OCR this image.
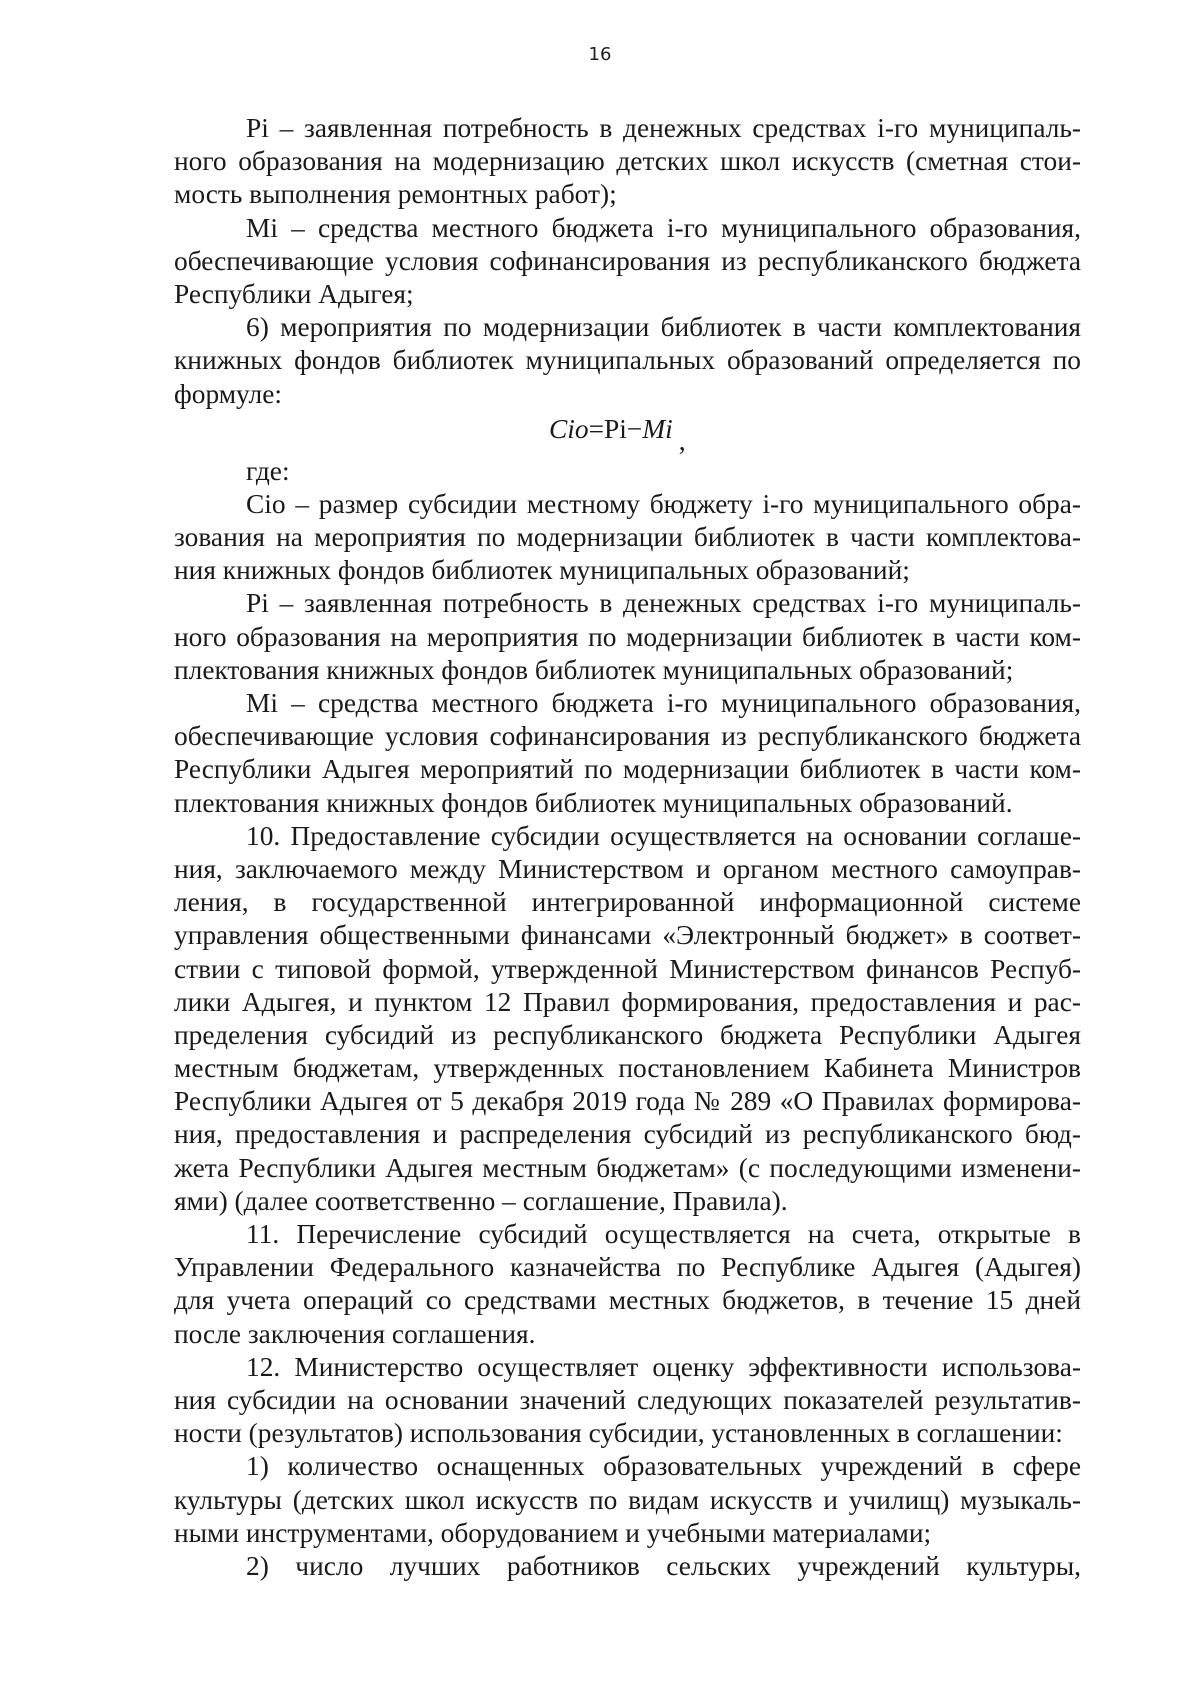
16
Pi – заявленная потребность в денежных средствах i-го муниципаль-
ного образования на модернизацию детских школ искусств (сметная стои-
мость выполнения ремонтных работ);
Mi – средства местного бюджета i-го муниципального образования,
обеспечивающие условия софинансирования из республиканского бюджета
Республики Адыгея;
6) мероприятия по модернизации библиотек в части комплектования
книжных фондов библиотек муниципальных образований определяется по
формуле:
Cio=Pi−Mi ,
где:
Cio – размер субсидии местному бюджету i-го муниципального обра-
зования на мероприятия по модернизации библиотек в части комплектова-
ния книжных фондов библиотек муниципальных образований;
Pi – заявленная потребность в денежных средствах i-го муниципаль-
ного образования на мероприятия по модернизации библиотек в части ком-
плектования книжных фондов библиотек муниципальных образований;
Mi – средства местного бюджета i-го муниципального образования,
обеспечивающие условия софинансирования из республиканского бюджета
Республики Адыгея мероприятий по модернизации библиотек в части ком-
плектования книжных фондов библиотек муниципальных образований.
10. Предоставление субсидии осуществляется на основании соглаше-
ния, заключаемого между Министерством и органом местного самоуправ-
ления, в государственной интегрированной информационной системе
управления общественными финансами «Электронный бюджет» в соответ-
ствии с типовой формой, утвержденной Министерством финансов Респуб-
лики Адыгея, и пунктом 12 Правил формирования, предоставления и рас-
пределения субсидий из республиканского бюджета Республики Адыгея
местным бюджетам, утвержденных постановлением Кабинета Министров
Республики Адыгея от 5 декабря 2019 года № 289 «О Правилах формирова-
ния, предоставления и распределения субсидий из республиканского бюд-
жета Республики Адыгея местным бюджетам» (с последующими изменени-
ями) (далее соответственно – соглашение, Правила).
11. Перечисление субсидий осуществляется на счета, открытые в
Управлении Федерального казначейства по Республике Адыгея (Адыгея)
для учета операций со средствами местных бюджетов, в течение 15 дней
после заключения соглашения.
12. Министерство осуществляет оценку эффективности использова-
ния субсидии на основании значений следующих показателей результатив-
ности (результатов) использования субсидии, установленных в соглашении:
1) количество оснащенных образовательных учреждений в сфере
культуры (детских школ искусств по видам искусств и училищ) музыкаль-
ными инструментами, оборудованием и учебными материалами;
2) число лучших работников сельских учреждений культуры,
